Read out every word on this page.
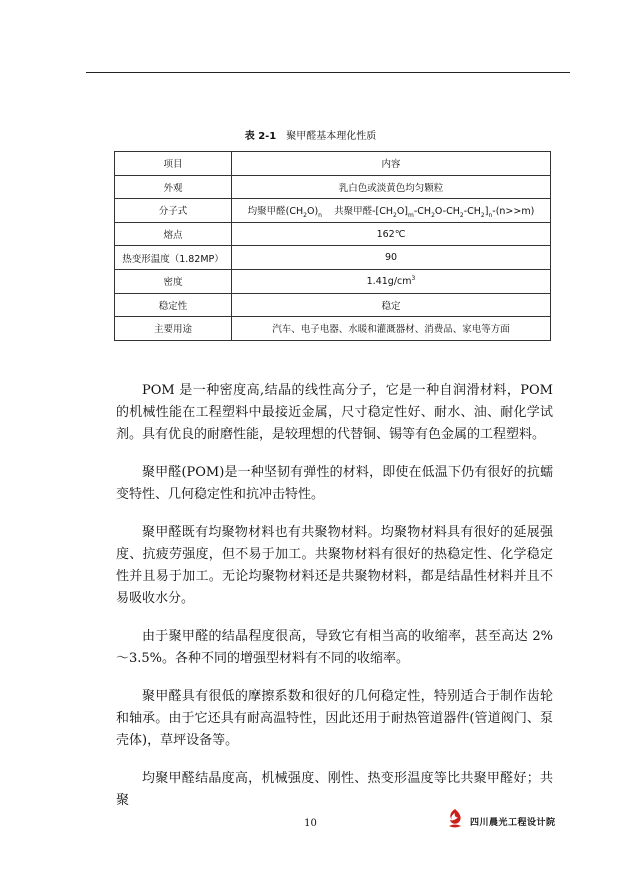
表 2-1 聚甲醛基本理化性质
项目	内容
外观	乳白色或淡黄色均匀颗粒
分子式	均聚甲醛$(CH_2O)_n$    共聚甲醛$-[CH_2O]_m-CH_2O-CH_2-CH_2]_n-(n>>m)$
熔点	162℃
热变形温度（1.82MP）	90
密度	$1.41g/cm^3$
稳定性	稳定
主要用途	汽车、电子电器、水暖和灌溉器材、消费品、家电等方面

POM 是一种密度高,结晶的线性高分子，它是一种自润滑材料，POM 的机械性能在工程塑料中最接近金属，尺寸稳定性好、耐水、油、耐化学试剂。具有优良的耐磨性能，是较理想的代替铜、锡等有色金属的工程塑料。

聚甲醛(POM)是一种坚韧有弹性的材料，即使在低温下仍有很好的抗蠕变特性、几何稳定性和抗冲击特性。

聚甲醛既有均聚物材料也有共聚物材料。均聚物材料具有很好的延展强度、抗疲劳强度，但不易于加工。共聚物材料有很好的热稳定性、化学稳定性并且易于加工。无论均聚物材料还是共聚物材料，都是结晶性材料并且不易吸收水分。

由于聚甲醛的结晶程度很高，导致它有相当高的收缩率，甚至高达 2%～3.5%。各种不同的增强型材料有不同的收缩率。

聚甲醛具有很低的摩擦系数和很好的几何稳定性，特别适合于制作齿轮和轴承。由于它还具有耐高温特性，因此还用于耐热管道器件(管道阀门、泵壳体)，草坪设备等。

均聚甲醛结晶度高，机械强度、刚性、热变形温度等比共聚甲醛好；共聚

10	四川晨光工程设计院
